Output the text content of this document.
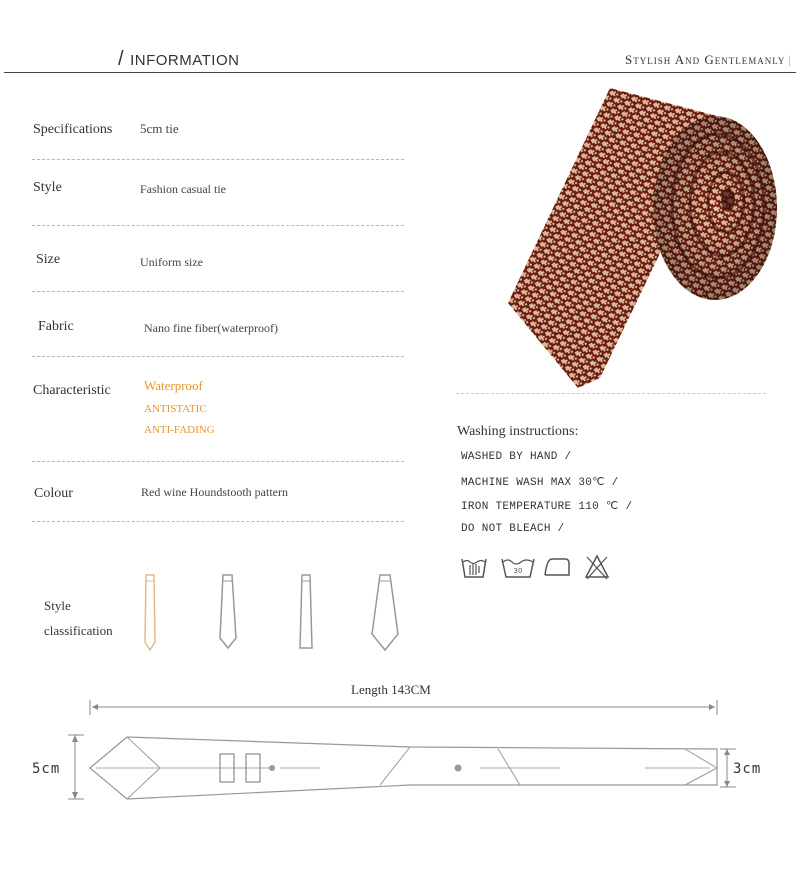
/ INFORMATION	Stylish And Gentlemanly |
Specifications 5cm tie
Style	Fashion casual tie
Size	Uniform size
Fabric	Nano fine fiber(waterproof)
Characteristic	Waterproof
ANTISTATIC
ANTI-FADING
Colour	Red wine Houndstooth pattern
Washing instructions:
WASHED BY HAND /
MACHINE WASH MAX 30℃ /
IRON TEMPERATURE 110 ℃ /
DO NOT BLEACH /
30
Style
classification
Length 143CM
5cm	3cm
